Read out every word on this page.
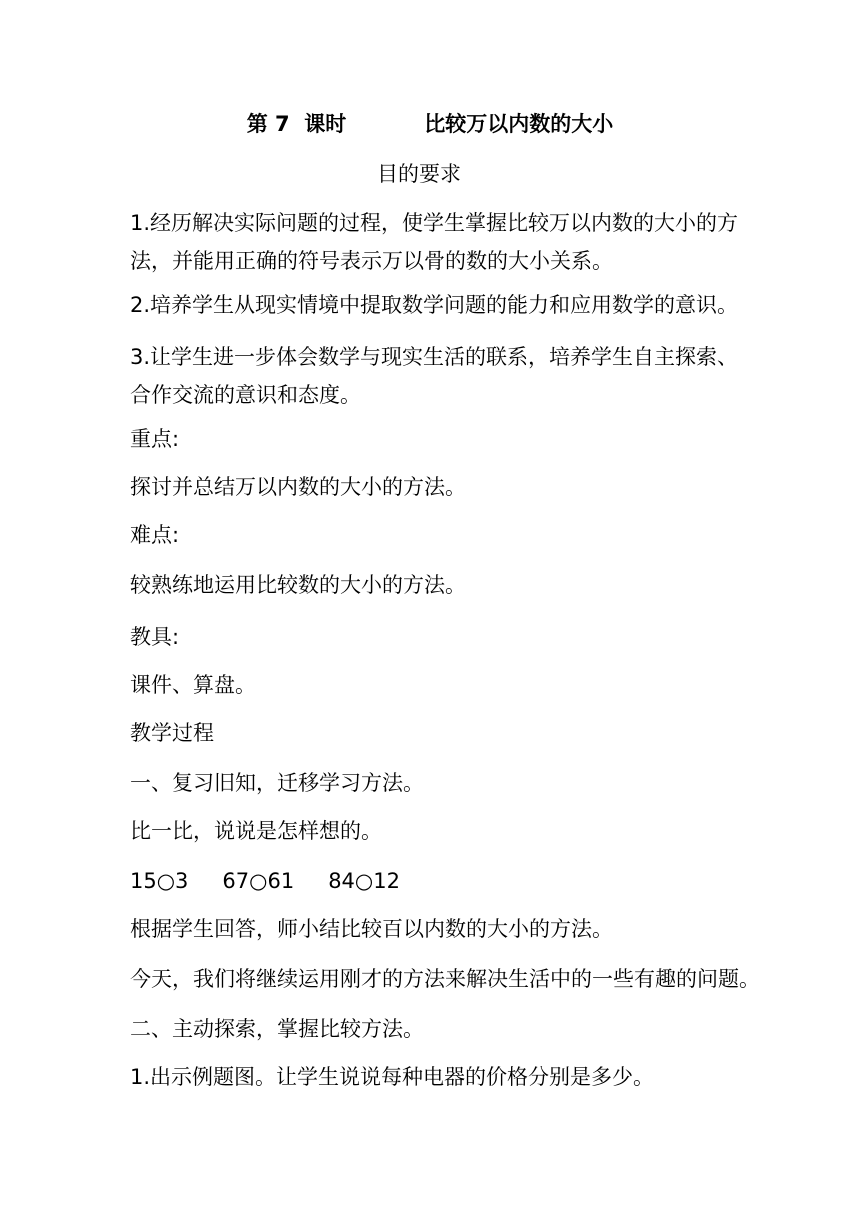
第 7  课时	比较万以内数的大小
目的要求
1.经历解决实际问题的过程，使学生掌握比较万以内数的大小的方法，并能用正确的符号表示万以骨的数的大小关系。
2.培养学生从现实情境中提取数学问题的能力和应用数学的意识。
3.让学生进一步体会数学与现实生活的联系，培养学生自主探索、合作交流的意识和态度。
重点:
探讨并总结万以内数的大小的方法。
难点:
较熟练地运用比较数的大小的方法。
教具:
课件、算盘。
教学过程
一、复习旧知，迁移学习方法。
比一比，说说是怎样想的。
15○3 67○61 84○12
根据学生回答，师小结比较百以内数的大小的方法。
今天，我们将继续运用刚才的方法来解决生活中的一些有趣的问题。
二、主动探索，掌握比较方法。
1.出示例题图。让学生说说每种电器的价格分别是多少。
